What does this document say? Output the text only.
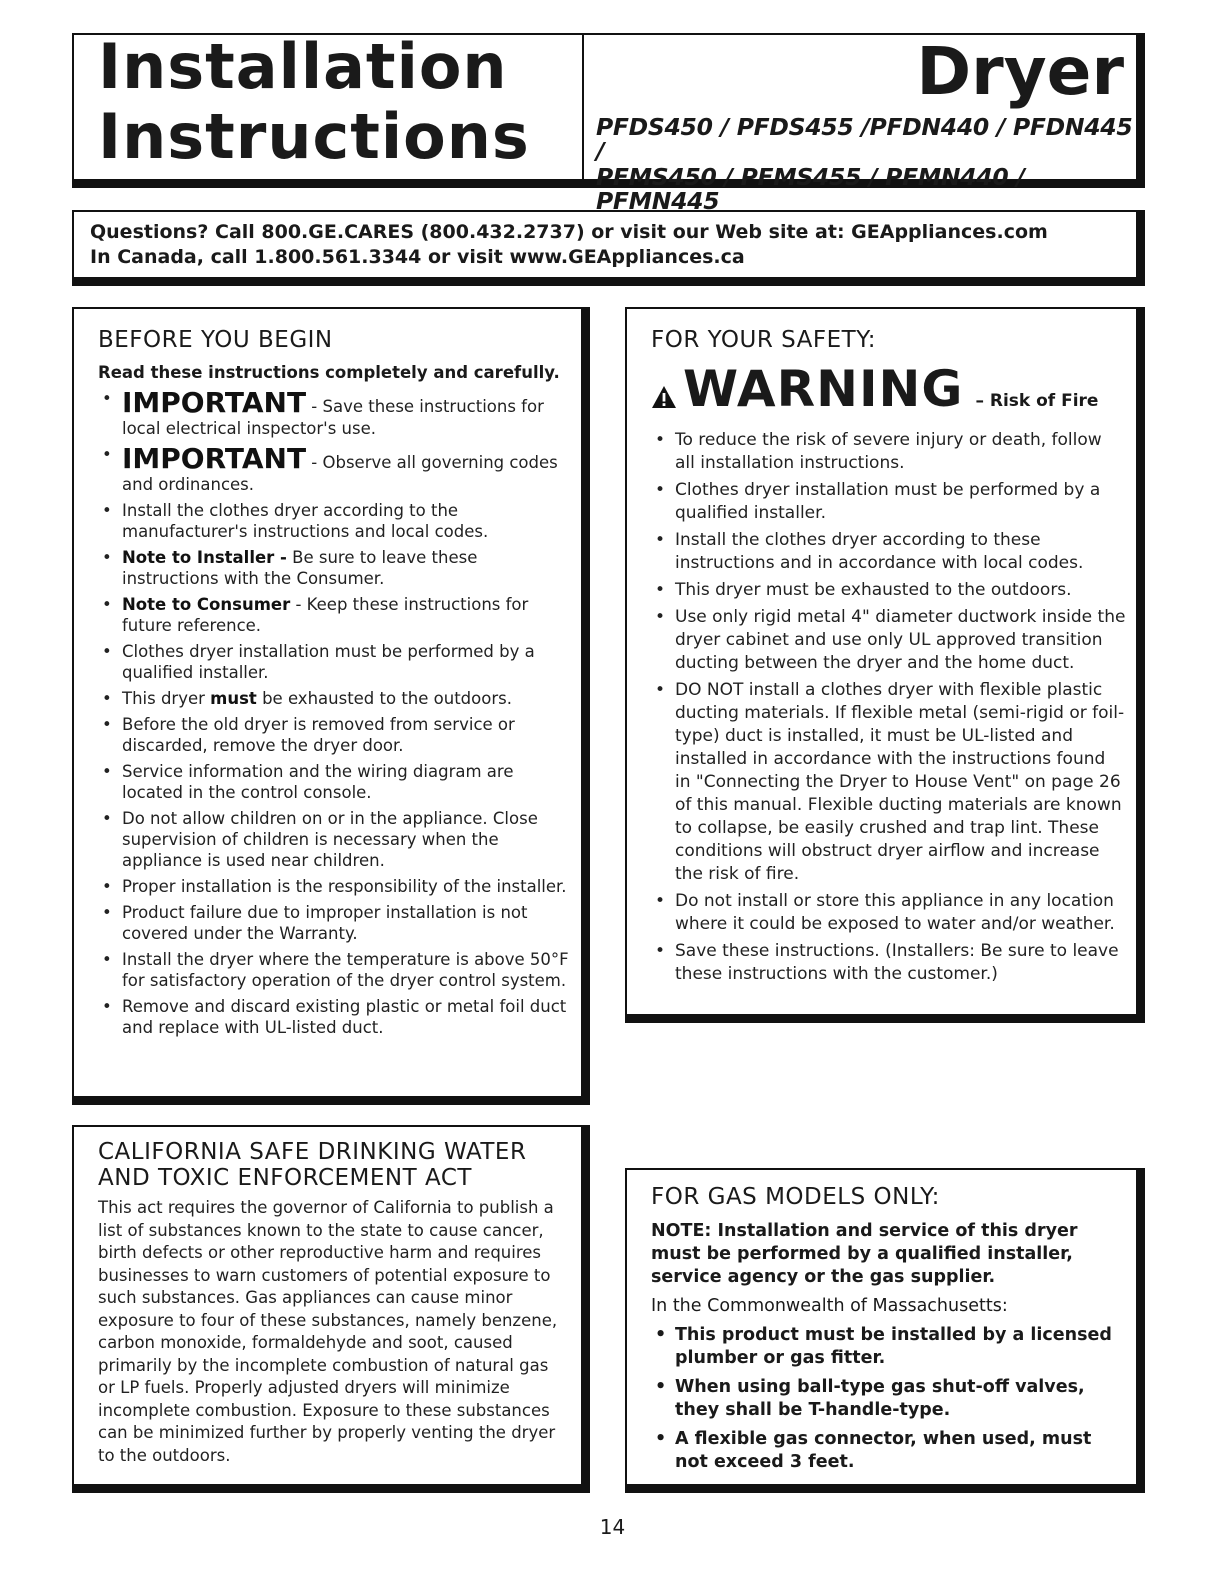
Installation
Instructions
Dryer
PFDS450 / PFDS455 /PFDN440 / PFDN445 /
PFMS450 / PFMS455 / PFMN440 / PFMN445
Questions? Call 800.GE.CARES (800.432.2737) or visit our Web site at: GEAppliances.com
In Canada, call 1.800.561.3344 or visit www.GEAppliances.ca
BEFORE YOU BEGIN
Read these instructions completely and carefully.
• IMPORTANT - Save these instructions for local electrical inspector's use.
• IMPORTANT - Observe all governing codes and ordinances.
• Install the clothes dryer according to the manufacturer's instructions and local codes.
• Note to Installer - Be sure to leave these instructions with the Consumer.
• Note to Consumer - Keep these instructions for future reference.
• Clothes dryer installation must be performed by a qualified installer.
• This dryer must be exhausted to the outdoors.
• Before the old dryer is removed from service or discarded, remove the dryer door.
• Service information and the wiring diagram are located in the control console.
• Do not allow children on or in the appliance. Close supervision of children is necessary when the appliance is used near children.
• Proper installation is the responsibility of the installer.
• Product failure due to improper installation is not covered under the Warranty.
• Install the dryer where the temperature is above 50°F for satisfactory operation of the dryer control system.
• Remove and discard existing plastic or metal foil duct and replace with UL-listed duct.
FOR YOUR SAFETY:
WARNING – Risk of Fire
• To reduce the risk of severe injury or death, follow all installation instructions.
• Clothes dryer installation must be performed by a qualified installer.
• Install the clothes dryer according to these instructions and in accordance with local codes.
• This dryer must be exhausted to the outdoors.
• Use only rigid metal 4" diameter ductwork inside the dryer cabinet and use only UL approved transition ducting between the dryer and the home duct.
• DO NOT install a clothes dryer with flexible plastic ducting materials. If flexible metal (semi-rigid or foil-type) duct is installed, it must be UL-listed and installed in accordance with the instructions found in "Connecting the Dryer to House Vent" on page 26 of this manual. Flexible ducting materials are known to collapse, be easily crushed and trap lint. These conditions will obstruct dryer airflow and increase the risk of fire.
• Do not install or store this appliance in any location where it could be exposed to water and/or weather.
• Save these instructions. (Installers: Be sure to leave these instructions with the customer.)
CALIFORNIA SAFE DRINKING WATER AND TOXIC ENFORCEMENT ACT
This act requires the governor of California to publish a list of substances known to the state to cause cancer, birth defects or other reproductive harm and requires businesses to warn customers of potential exposure to such substances. Gas appliances can cause minor exposure to four of these substances, namely benzene, carbon monoxide, formaldehyde and soot, caused primarily by the incomplete combustion of natural gas or LP fuels. Properly adjusted dryers will minimize incomplete combustion. Exposure to these substances can be minimized further by properly venting the dryer to the outdoors.
FOR GAS MODELS ONLY:
NOTE: Installation and service of this dryer must be performed by a qualified installer, service agency or the gas supplier.
In the Commonwealth of Massachusetts:
• This product must be installed by a licensed plumber or gas fitter.
• When using ball-type gas shut-off valves, they shall be T-handle-type.
• A flexible gas connector, when used, must not exceed 3 feet.
14
